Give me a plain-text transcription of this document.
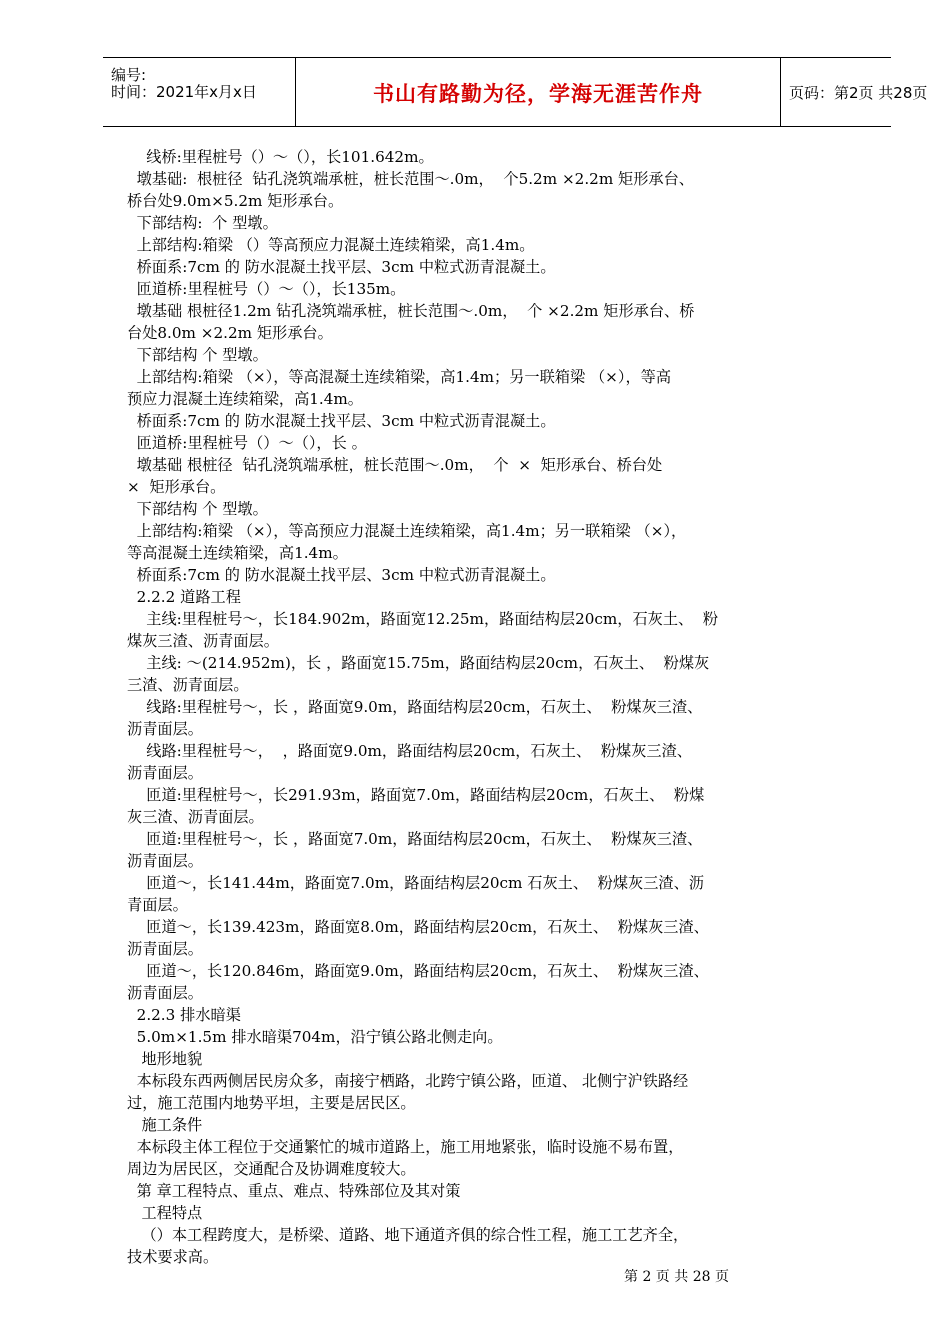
编号:
时间：2021年x月x日	书山有路勤为径，学海无涯苦作舟	页码：第2页 共28页
线桥:里程桩号（）～（），长101.642m。
墩基础:  根桩径  钻孔浇筑端承桩，桩长范围～.0m，  个5.2m ×2.2m 矩形承台、
桥台处9.0m×5.2m 矩形承台。
下部结构:  个 型墩。
上部结构:箱梁 （）等高预应力混凝土连续箱梁，高1.4m。
桥面系:7cm 的 防水混凝土找平层、3cm 中粒式沥青混凝土。
匝道桥:里程桩号（）～（），长135m。
墩基础 根桩径1.2m 钻孔浇筑端承桩，桩长范围～.0m，  个 ×2.2m 矩形承台、桥
台处8.0m ×2.2m 矩形承台。
下部结构 个 型墩。
上部结构:箱梁 （×），等高混凝土连续箱梁，高1.4m；另一联箱梁 （×），等高
预应力混凝土连续箱梁，高1.4m。
桥面系:7cm 的 防水混凝土找平层、3cm 中粒式沥青混凝土。
匝道桥:里程桩号（）～（），长 。
墩基础 根桩径  钻孔浇筑端承桩，桩长范围～.0m，  个  ×  矩形承台、桥台处
×  矩形承台。
下部结构 个 型墩。
上部结构:箱梁 （×），等高预应力混凝土连续箱梁，高1.4m；另一联箱梁 （×），
等高混凝土连续箱梁，高1.4m。
桥面系:7cm 的 防水混凝土找平层、3cm 中粒式沥青混凝土。
2.2.2 道路工程
主线:里程桩号～，长184.902m，路面宽12.25m，路面结构层20cm，石灰土、  粉
煤灰三渣、沥青面层。
主线: ～(214.952m)，长 ，路面宽15.75m，路面结构层20cm，石灰土、  粉煤灰
三渣、沥青面层。
线路:里程桩号～，长 ，路面宽9.0m，路面结构层20cm，石灰土、  粉煤灰三渣、
沥青面层。
线路:里程桩号～，  ，路面宽9.0m，路面结构层20cm，石灰土、  粉煤灰三渣、
沥青面层。
匝道:里程桩号～，长291.93m，路面宽7.0m，路面结构层20cm，石灰土、  粉煤
灰三渣、沥青面层。
匝道:里程桩号～，长 ，路面宽7.0m，路面结构层20cm，石灰土、  粉煤灰三渣、
沥青面层。
匝道～，长141.44m，路面宽7.0m，路面结构层20cm 石灰土、  粉煤灰三渣、沥
青面层。
匝道～，长139.423m，路面宽8.0m，路面结构层20cm，石灰土、  粉煤灰三渣、
沥青面层。
匝道～，长120.846m，路面宽9.0m，路面结构层20cm，石灰土、  粉煤灰三渣、
沥青面层。
2.2.3 排水暗渠
5.0m×1.5m 排水暗渠704m，沿宁镇公路北侧走向。
地形地貌
本标段东西两侧居民房众多，南接宁栖路，北跨宁镇公路，匝道、 北侧宁沪铁路经
过，施工范围内地势平坦，主要是居民区。
施工条件
本标段主体工程位于交通繁忙的城市道路上，施工用地紧张，临时设施不易布置，
周边为居民区，交通配合及协调难度较大。
第 章工程特点、重点、难点、特殊部位及其对策
工程特点
（）本工程跨度大，是桥梁、道路、地下通道齐俱的综合性工程，施工工艺齐全，
技术要求高。
第 2 页 共 28 页
